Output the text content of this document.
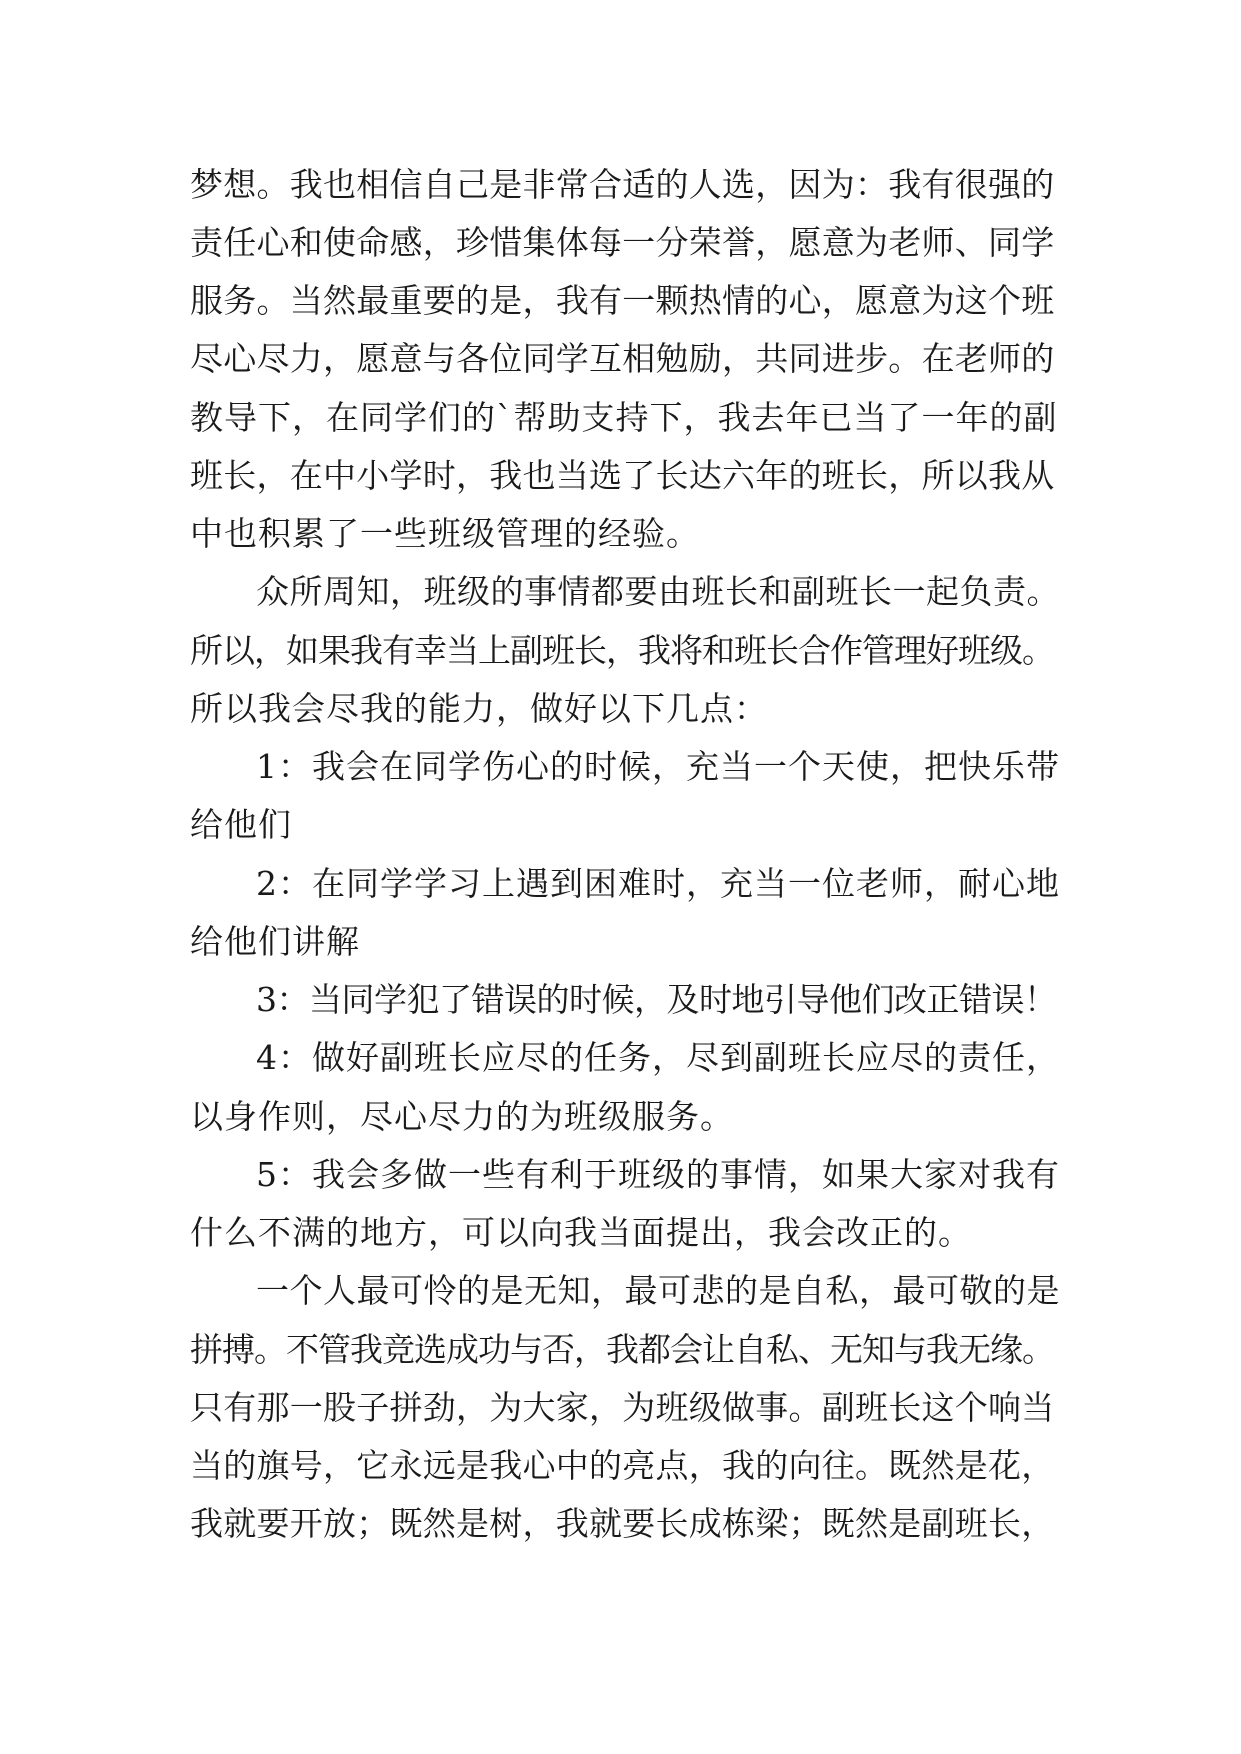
梦想。我也相信自己是非常合适的人选，因为：我有很强的
责任心和使命感，珍惜集体每一分荣誉，愿意为老师、同学
服务。当然最重要的是，我有一颗热情的心，愿意为这个班
尽心尽力，愿意与各位同学互相勉励，共同进步。在老师的
教导下，在同学们的`帮助支持下，我去年已当了一年的副
班长，在中小学时，我也当选了长达六年的班长，所以我从
中也积累了一些班级管理的经验。
众所周知，班级的事情都要由班长和副班长一起负责。
所以，如果我有幸当上副班长，我将和班长合作管理好班级。
所以我会尽我的能力，做好以下几点：
1：我会在同学伤心的时候，充当一个天使，把快乐带
给他们
2：在同学学习上遇到困难时，充当一位老师，耐心地
给他们讲解
3：当同学犯了错误的时候，及时地引导他们改正错误！
4：做好副班长应尽的任务，尽到副班长应尽的责任，
以身作则，尽心尽力的为班级服务。
5：我会多做一些有利于班级的事情，如果大家对我有
什么不满的地方，可以向我当面提出，我会改正的。
一个人最可怜的是无知，最可悲的是自私，最可敬的是
拼搏。不管我竞选成功与否，我都会让自私、无知与我无缘。
只有那一股子拼劲，为大家，为班级做事。副班长这个响当
当的旗号，它永远是我心中的亮点，我的向往。既然是花，
我就要开放；既然是树，我就要长成栋梁；既然是副班长，
